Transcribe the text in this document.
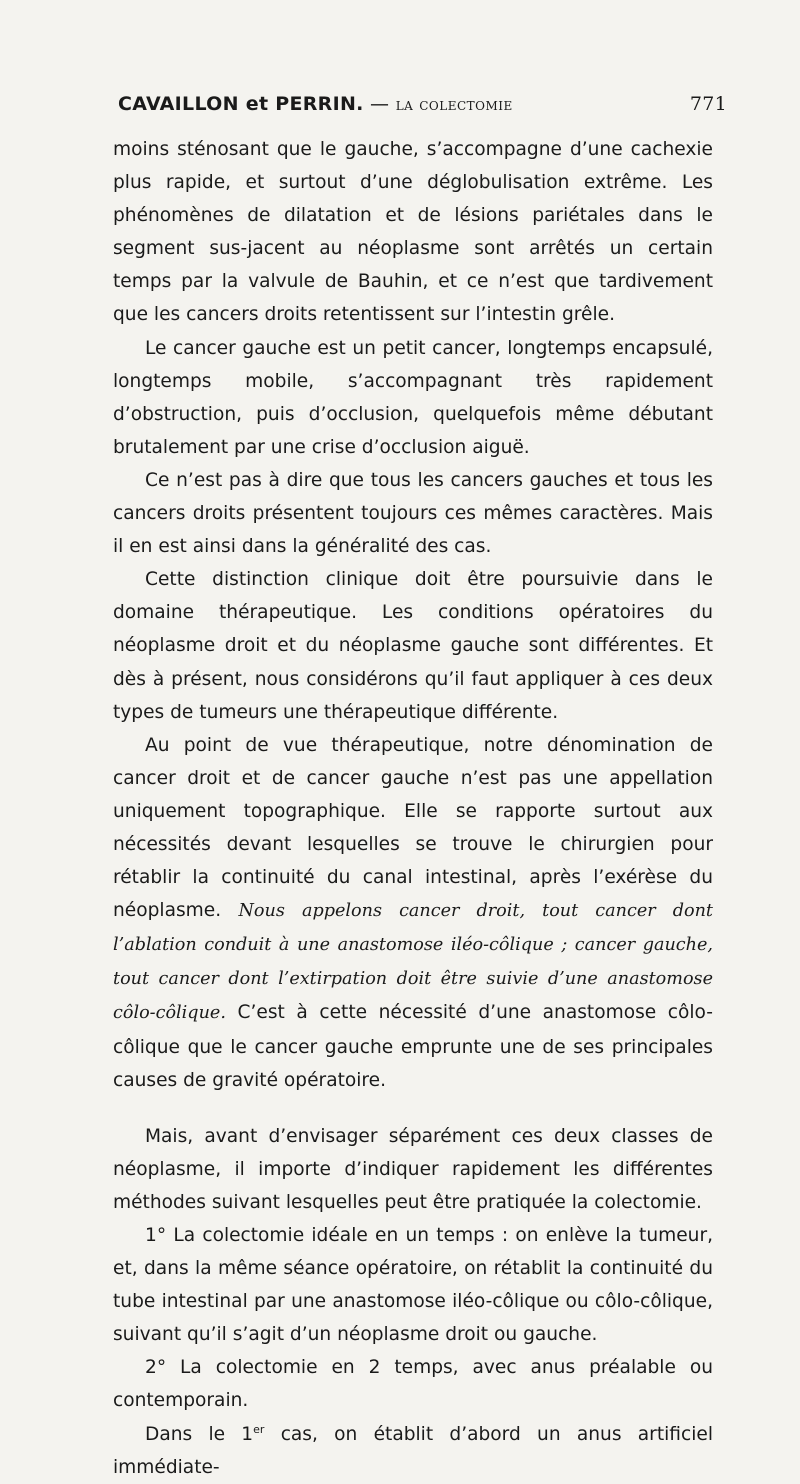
CAVAILLON et PERRIN. — la colectomie	771

moins sténosant que le gauche, s’accompagne d’une cachexie plus rapide, et surtout d’une déglobulisation extrême. Les phénomènes de dilatation et de lésions pariétales dans le segment sus-jacent au néoplasme sont arrêtés un certain temps par la valvule de Bauhin, et ce n’est que tardivement que les cancers droits retentissent sur l’intestin grêle.

Le cancer gauche est un petit cancer, longtemps encapsulé, longtemps mobile, s’accompagnant très rapidement d’obstruction, puis d’occlusion, quelquefois même débutant brutalement par une crise d’occlusion aiguë.

Ce n’est pas à dire que tous les cancers gauches et tous les cancers droits présentent toujours ces mêmes caractères. Mais il en est ainsi dans la généralité des cas.

Cette distinction clinique doit être poursuivie dans le domaine thérapeutique. Les conditions opératoires du néoplasme droit et du néoplasme gauche sont différentes. Et dès à présent, nous considérons qu’il faut appliquer à ces deux types de tumeurs une thérapeutique différente.

Au point de vue thérapeutique, notre dénomination de cancer droit et de cancer gauche n’est pas une appellation uniquement topographique. Elle se rapporte surtout aux nécessités devant lesquelles se trouve le chirurgien pour rétablir la continuité du canal intestinal, après l’exérèse du néoplasme. Nous appelons cancer droit, tout cancer dont l’ablation conduit à une anastomose iléo-côlique ; cancer gauche, tout cancer dont l’extirpation doit être suivie d’une anastomose côlo-côlique. C’est à cette nécessité d’une anastomose côlo-côlique que le cancer gauche emprunte une de ses principales causes de gravité opératoire.

Mais, avant d’envisager séparément ces deux classes de néoplasme, il importe d’indiquer rapidement les différentes méthodes suivant lesquelles peut être pratiquée la colectomie.

1° La colectomie idéale en un temps : on enlève la tumeur, et, dans la même séance opératoire, on rétablit la continuité du tube intestinal par une anastomose iléo-côlique ou côlo-côlique, suivant qu’il s’agit d’un néoplasme droit ou gauche.

2° La colectomie en 2 temps, avec anus préalable ou contemporain.

Dans le 1er cas, on établit d’abord un anus artificiel immédiate-
